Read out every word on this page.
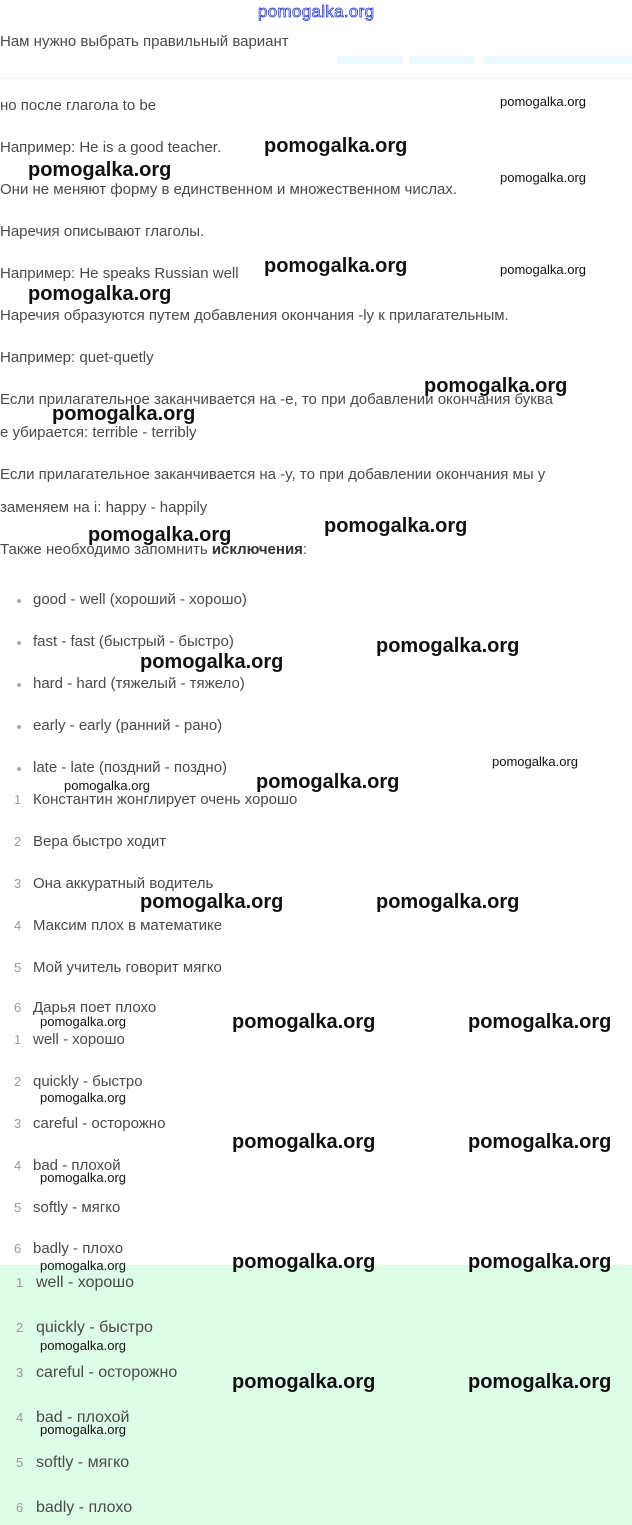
pomogalka.org
Нам нужно выбрать правильный вариант
но после глагола to be
Например: He is a good teacher.
Они не меняют форму в единственном и множественном числах.
Наречия описывают глаголы.
Например: He speaks Russian well
Наречия образуются путем добавления окончания -ly к прилагательным.
Например: quet-quetly
Если прилагательное заканчивается на -e, то при добавлении окончания буква
е убирается: terrible - terribly
Если прилагательное заканчивается на -y, то при добавлении окончания мы y
заменяем на i: happy - happily
Также необходимо запомнить исключения:
good - well (хороший - хорошо)
fast - fast (быстрый - быстро)
hard - hard (тяжелый - тяжело)
early - early (ранний - рано)
late - late (поздний - поздно)
1 Константин жонглирует очень хорошо
2 Вера быстро ходит
3 Она аккуратный водитель
4 Максим плох в математике
5 Мой учитель говорит мягко
6 Дарья поет плохо
1 well - хорошо
2 quickly - быстро
3 careful - осторожно
4 bad - плохой
5 softly - мягко
6 badly - плохо
1 well - хорошо
2 quickly - быстро
3 careful - осторожно
4 bad - плохой
5 softly - мягко
6 badly - плохо
pomogalka.org
pomogalka.org
pomogalka.org
pomogalka.org
pomogalka.org
pomogalka.org
pomogalka.org	pomogalka.org
pomogalka.org
pomogalka.org
pomogalka.org
pomogalka.org	pomogalka.org
pomogalka.org	pomogalka.org
pomogalka.org	pomogalka.org
pomogalka.org	pomogalka.org
pomogalka.org	pomogalka.org
pomogalka.org
pomogalka.org
pomogalka.org
pomogalka.org
pomogalka.org
pomogalka.org
pomogalka.org
pomogalka.org
pomogalka.org
pomogalka.org
pomogalka.org
